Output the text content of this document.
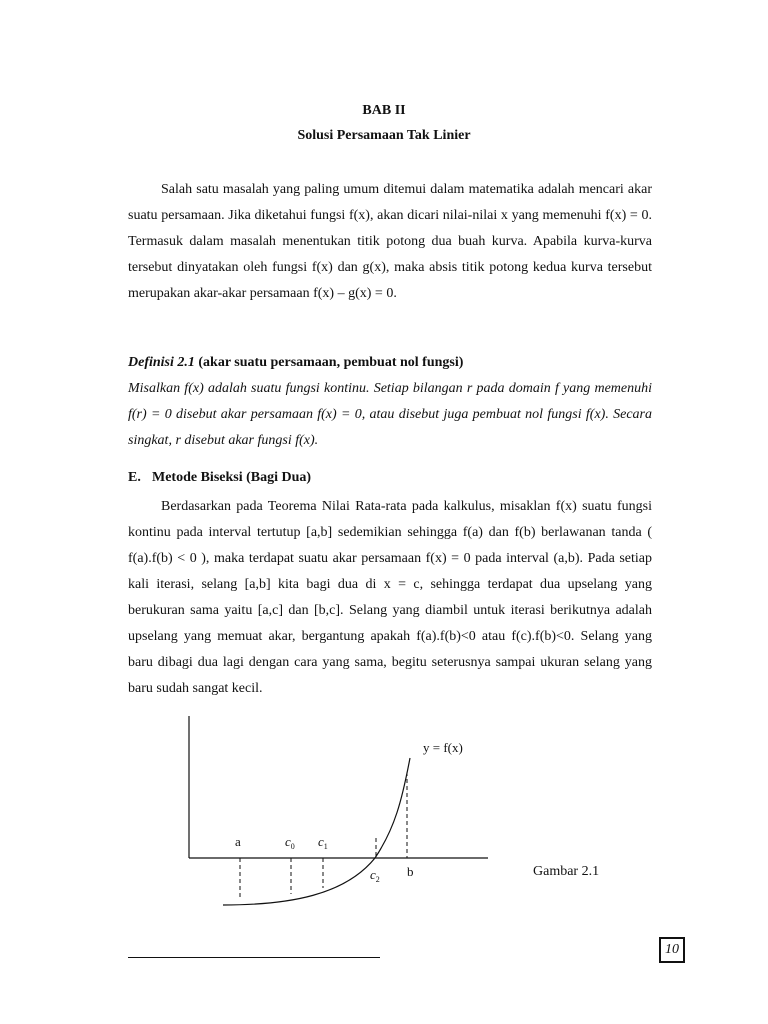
BAB II
Solusi Persamaan Tak Linier

Salah satu masalah yang paling umum ditemui dalam matematika adalah mencari akar suatu persamaan. Jika diketahui fungsi f(x), akan dicari nilai-nilai x yang memenuhi f(x) = 0. Termasuk dalam masalah menentukan titik potong dua buah kurva. Apabila kurva-kurva tersebut dinyatakan oleh fungsi f(x) dan g(x), maka absis titik potong kedua kurva tersebut merupakan akar-akar persamaan f(x) – g(x) = 0.

Definisi 2.1 (akar suatu persamaan, pembuat nol fungsi)
Misalkan f(x) adalah suatu fungsi kontinu. Setiap bilangan r pada domain f yang memenuhi f(r) = 0 disebut akar persamaan f(x) = 0, atau disebut juga pembuat nol fungsi f(x). Secara singkat, r disebut akar fungsi f(x).

E. Metode Biseksi (Bagi Dua)

Berdasarkan pada Teorema Nilai Rata-rata pada kalkulus, misaklan f(x) suatu fungsi kontinu pada interval tertutup [a,b] sedemikian sehingga f(a) dan f(b) berlawanan tanda ( f(a).f(b) < 0 ), maka terdapat suatu akar persamaan f(x) = 0 pada interval (a,b). Pada setiap kali iterasi, selang [a,b] kita bagi dua di x = c, sehingga terdapat dua upselang yang berukuran sama yaitu [a,c] dan [b,c]. Selang yang diambil untuk iterasi berikutnya adalah upselang yang memuat akar, bergantung apakah f(a).f(b)<0 atau f(c).f(b)<0. Selang yang baru dibagi dua lagi dengan cara yang sama, begitu seterusnya sampai ukuran selang yang baru sudah sangat kecil.

y = f(x)
a	$c_0$ $c_1$
$c_2$
b	Gambar 2.1
10
